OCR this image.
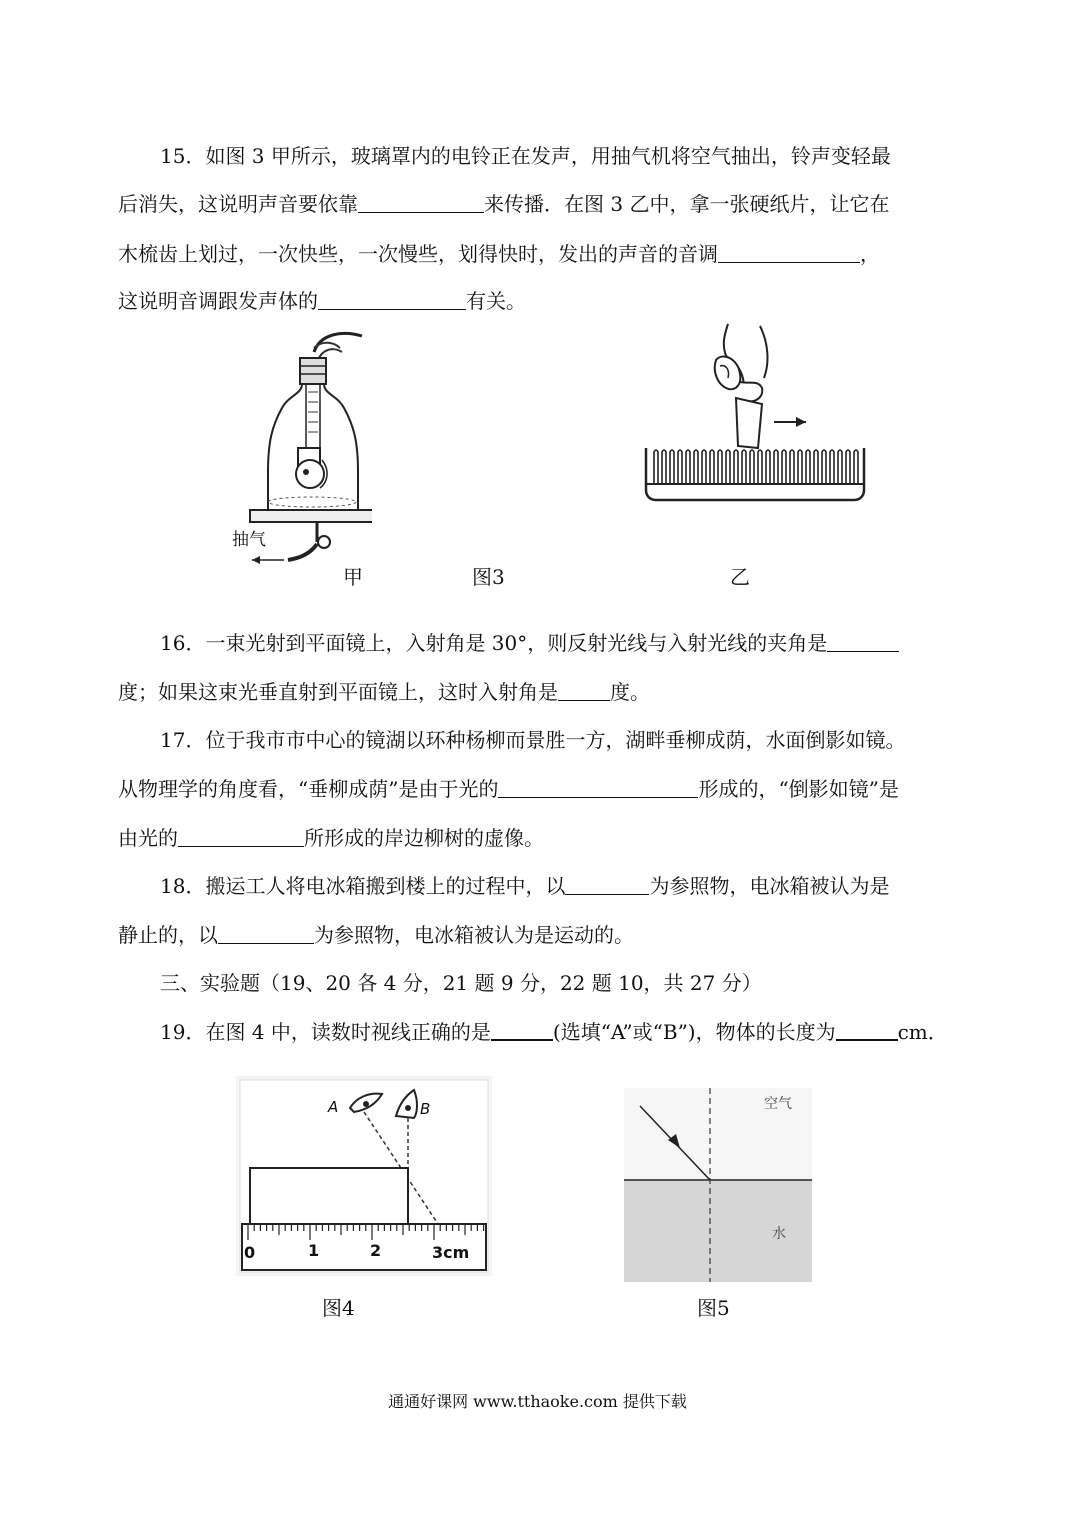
15．如图 3 甲所示，玻璃罩内的电铃正在发声，用抽气机将空气抽出，铃声变轻最
后消失，这说明声音要依靠	来传播．在图 3 乙中，拿一张硬纸片，让它在
木梳齿上划过，一次快些，一次慢些，划得快时，发出的声音的音调	，
这说明音调跟发声体的	有关。
抽气
甲	图3	乙
16．一束光射到平面镜上，入射角是 30°，则反射光线与入射光线的夹角是
度；如果这束光垂直射到平面镜上，这时入射角是	度。
17．位于我市市中心的镜湖以环种杨柳而景胜一方，湖畔垂柳成荫，水面倒影如镜。
从物理学的角度看，“垂柳成荫”是由于光的	形成的，“倒影如镜”是
由光的	所形成的岸边柳树的虚像。
18．搬运工人将电冰箱搬到楼上的过程中，以	为参照物，电冰箱被认为是
静止的，以	为参照物，电冰箱被认为是运动的。
三、实验题（19、20 各 4 分，21 题 9 分，22 题 10，共 27 分）
19．在图 4 中，读数时视线正确的是	(选填“A”或“B”)，物体的长度为	cm．
A	B
0	1	2	3cm
空气
水
图4	图5
通通好课网 www.tthaoke.com 提供下载
